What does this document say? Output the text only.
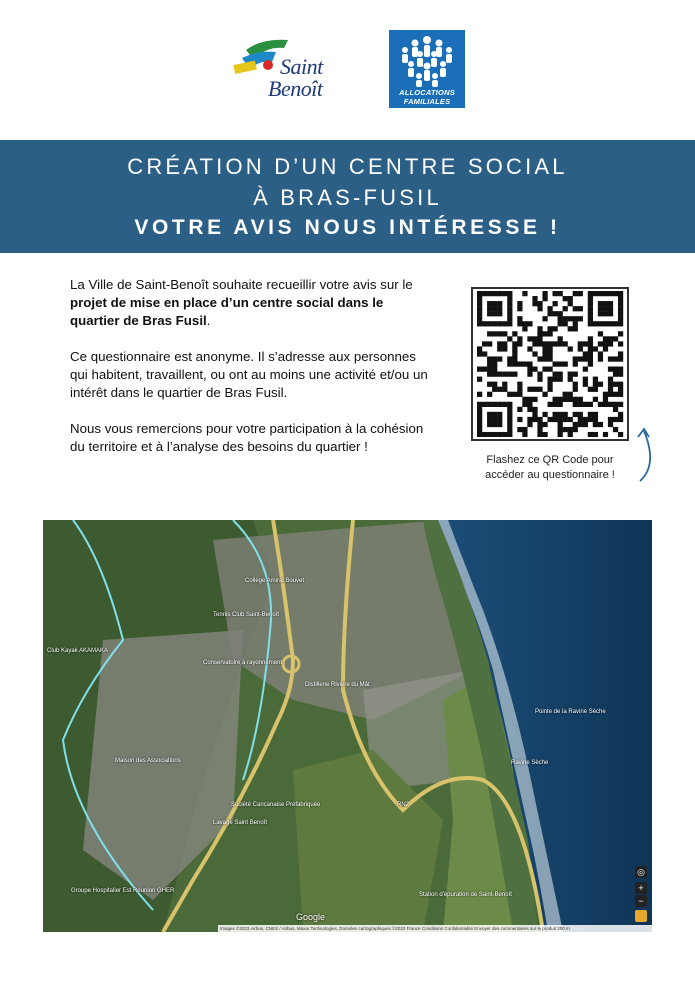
Saint
Benoît	ALLOCATIONS
FAMILIALES
CRÉATION D’UN CENTRE SOCIAL
À BRAS-FUSIL
VOTRE AVIS NOUS INTÉRESSE !

La Ville de Saint-Benoît souhaite recueillir votre avis sur le projet de mise en place d’un centre social dans le quartier de Bras Fusil.

Ce questionnaire est anonyme. Il s’adresse aux personnes qui habitent, travaillent, ou ont au moins une activité et/ou un intérêt dans le quartier de Bras Fusil.

Nous vous remercions pour votre participation à la cohésion du territoire et à l’analyse des besoins du quartier !

Flashez ce QR Code pour
accéder au questionnaire !
Collège Amiral Bouvet
Tennis Club Saint-Benoît
Club Kayak AKAMAKA
Conservatoire à rayonnement
Distillerie Rivière du Mât
Pointe de la Ravine Sèche
Maison des Associations
Société Cancanaise Préfabriquée
Lavage Saint Benoît
Groupe Hospitalier Est Réunion GHER
Station d'épuration de Saint-Benoît
RN2
Ravine Sèche
Google
Images ©2023 Airbus, CNES / Airbus, Maxar Technologies, Données cartographiques ©2022 France Conditions Confidentialité Envoyer des commentaires sur le produit 200 m
◎
+
−
